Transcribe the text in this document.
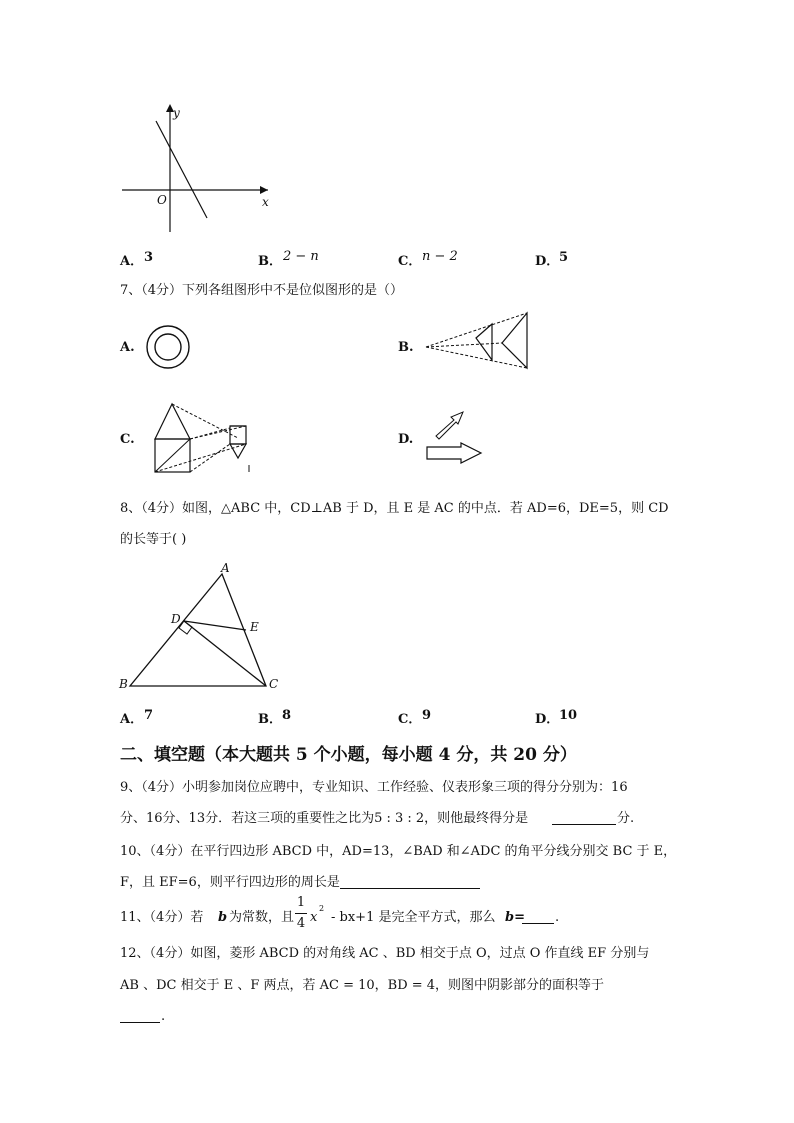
y
x
O
A． 3	B． 2 − n	C． n − 2	D． 5
7、（4分）下列各组图形中不是位似图形的是（）
A.	B.
C.	D.
8、（4分）如图，△ABC 中，CD⊥AB 于 D，且 E 是 AC 的中点．若 AD=6，DE=5，则 CD
的长等于( )
A
D
E
B	C
A． 7	B． 8	C． 9	D． 10
二、填空题（本大题共 5 个小题，每小题 4 分，共 20 分）
9、（4分）小明参加岗位应聘中，专业知识、工作经验、仪表形象三项的得分分别为：16
分、16分、13分．若这三项的重要性之比为5 : 3 : 2，则他最终得分是	分.
10、（4分）在平行四边形 ABCD 中，AD=13，∠BAD 和∠ADC 的角平分线分别交 BC 于 E，
F，且 EF=6，则平行四边形的周长是
11、（4分）若 b 为常数，且
1
4 x
2
- bx+1 是完全平方式，那么 b= .
12、（4分）如图，菱形 ABCD 的对角线 AC 、BD 相交于点 O，过点 O 作直线 EF 分别与
AB 、DC 相交于 E 、F 两点，若 AC = 10，BD = 4，则图中阴影部分的面积等于
.
